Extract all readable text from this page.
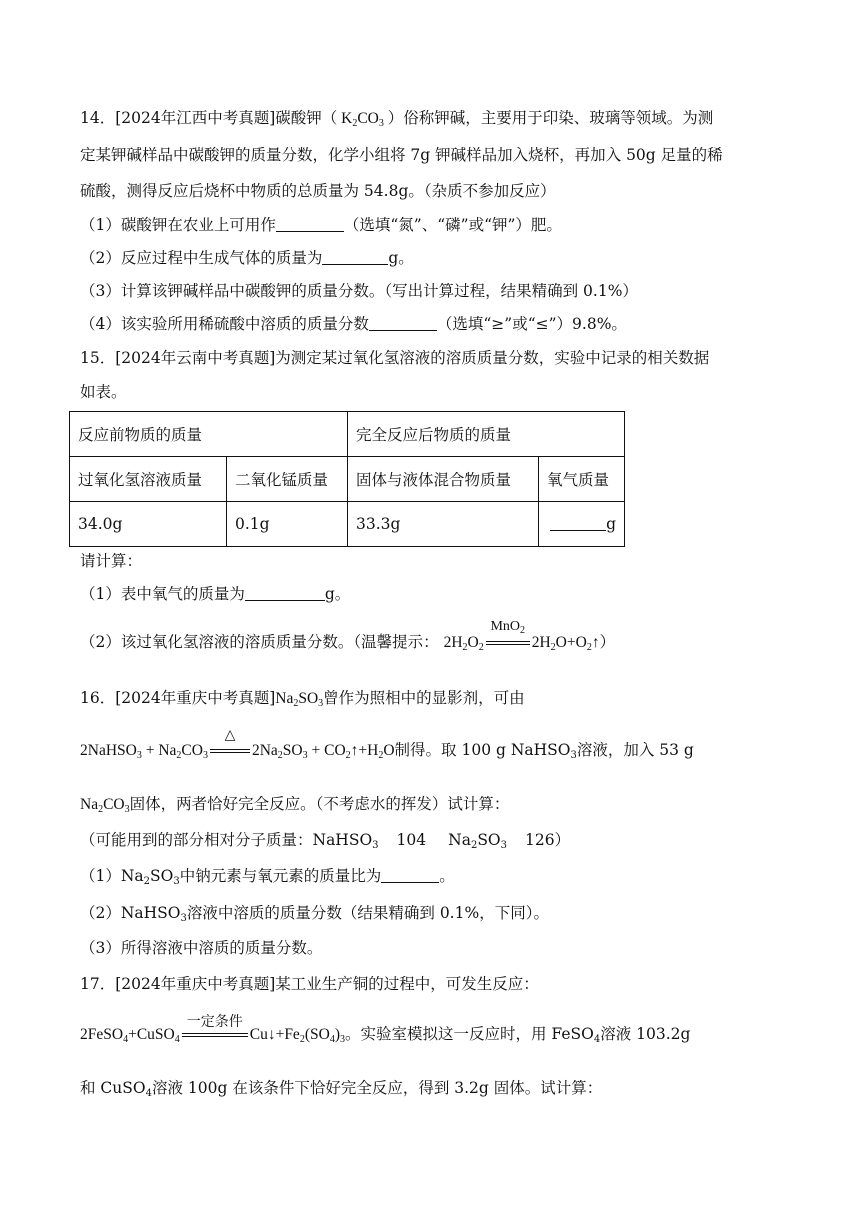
14．[2024年江西中考真题]碳酸钾（ $K_2CO_3$ ）俗称钾碱，主要用于印染、玻璃等领域。为测
定某钾碱样品中碳酸钾的质量分数，化学小组将 7g 钾碱样品加入烧杯，再加入 50g 足量的稀
硫酸，测得反应后烧杯中物质的总质量为 54.8g。（杂质不参加反应）
（1）碳酸钾在农业上可用作	（选填“氮”、“磷”或“钾”）肥。
（2）反应过程中生成气体的质量为	g。
（3）计算该钾碱样品中碳酸钾的质量分数。（写出计算过程，结果精确到 0.1%）
（4）该实验所用稀硫酸中溶质的质量分数	（选填“≥”或“≤”）9.8%。
15．[2024年云南中考真题]为测定某过氧化氢溶液的溶质质量分数，实验中记录的相关数据
如表。
反应前物质的质量		完全反应后物质的质量	
过氧化氢溶液质量	二氧化锰质量	固体与液体混合物质量	氧气质量
34.0g	0.1g	33.3g	g
请计算：
（1）表中氧气的质量为	g。
（2）该过氧化氢溶液的溶质质量分数。（温馨提示： $2H_2O_2$
MnO$_2$
$2H_2O+O_2↑$）
16．[2024年重庆中考真题]$Na_2SO_3$曾作为照相中的显影剂，可由
2NaHSO$_3$ + $Na_2CO_3$
△
$2Na_2SO_3$ + $CO_2↑+H_2O$制得。取 100 g NaHSO$_3$溶液，加入 53 g
$Na_2CO_3$固体，两者恰好完全反应。（不考虑水的挥发）试计算：
（可能用到的部分相对分子质量：NaHSO$_3$ 104 $Na_2SO_3$ 126）
$(1)Na_2SO_3$中钠元素与氧元素的质量比为	。
（2）NaHSO$_3$溶液中溶质的质量分数（结果精确到 0.1%，下同）。
（3）所得溶液中溶质的质量分数。
17．[2024年重庆中考真题]某工业生产铜的过程中，可发生反应：
2FeSO$_4$+CuSO$_4$
一定条件
$Cu↓+Fe_2(SO_4)_3$。实验室模拟这一反应时，用 FeSO$_4$溶液 103.2g
和 CuSO$_4$溶液 100g 在该条件下恰好完全反应，得到 3.2g 固体。试计算：
